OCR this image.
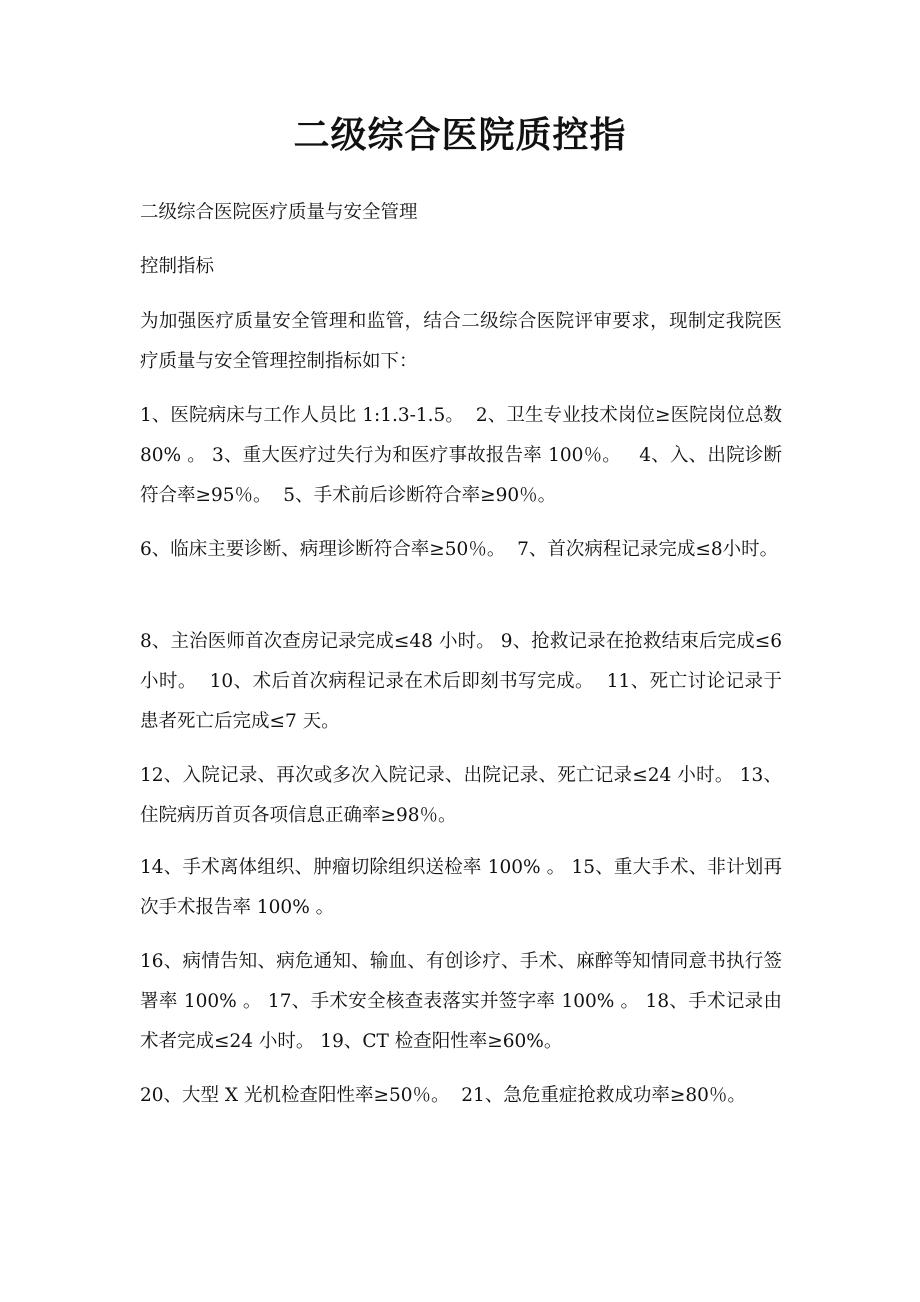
二级综合医院质控指
二级综合医院医疗质量与安全管理
控制指标
为加强医疗质量安全管理和监管，结合二级综合医院评审要求，现制定我院医疗质量与安全管理控制指标如下：
1、医院病床与工作人员比 1:1.3-1.5。  2、卫生专业技术岗位≥医院岗位总数 80% 。 3、重大医疗过失行为和医疗事故报告率 100％。   4、入、出院诊断符合率≥95％。  5、手术前后诊断符合率≥90％。
6、临床主要诊断、病理诊断符合率≥50％。  7、首次病程记录完成≤8小时。
8、主治医师首次查房记录完成≤48 小时。 9、抢救记录在抢救结束后完成≤6 小时。  10、术后首次病程记录在术后即刻书写完成。  11、死亡讨论记录于患者死亡后完成≤7 天。
12、入院记录、再次或多次入院记录、出院记录、死亡记录≤24 小时。 13、住院病历首页各项信息正确率≥98％。
14、手术离体组织、肿瘤切除组织送检率 100% 。 15、重大手术、非计划再次手术报告率 100% 。
16、病情告知、病危通知、输血、有创诊疗、手术、麻醉等知情同意书执行签署率 100% 。 17、手术安全核查表落实并签字率 100% 。 18、手术记录由术者完成≤24 小时。 19、CT 检查阳性率≥60%。
20、大型 X 光机检查阳性率≥50％。  21、急危重症抢救成功率≥80％。
